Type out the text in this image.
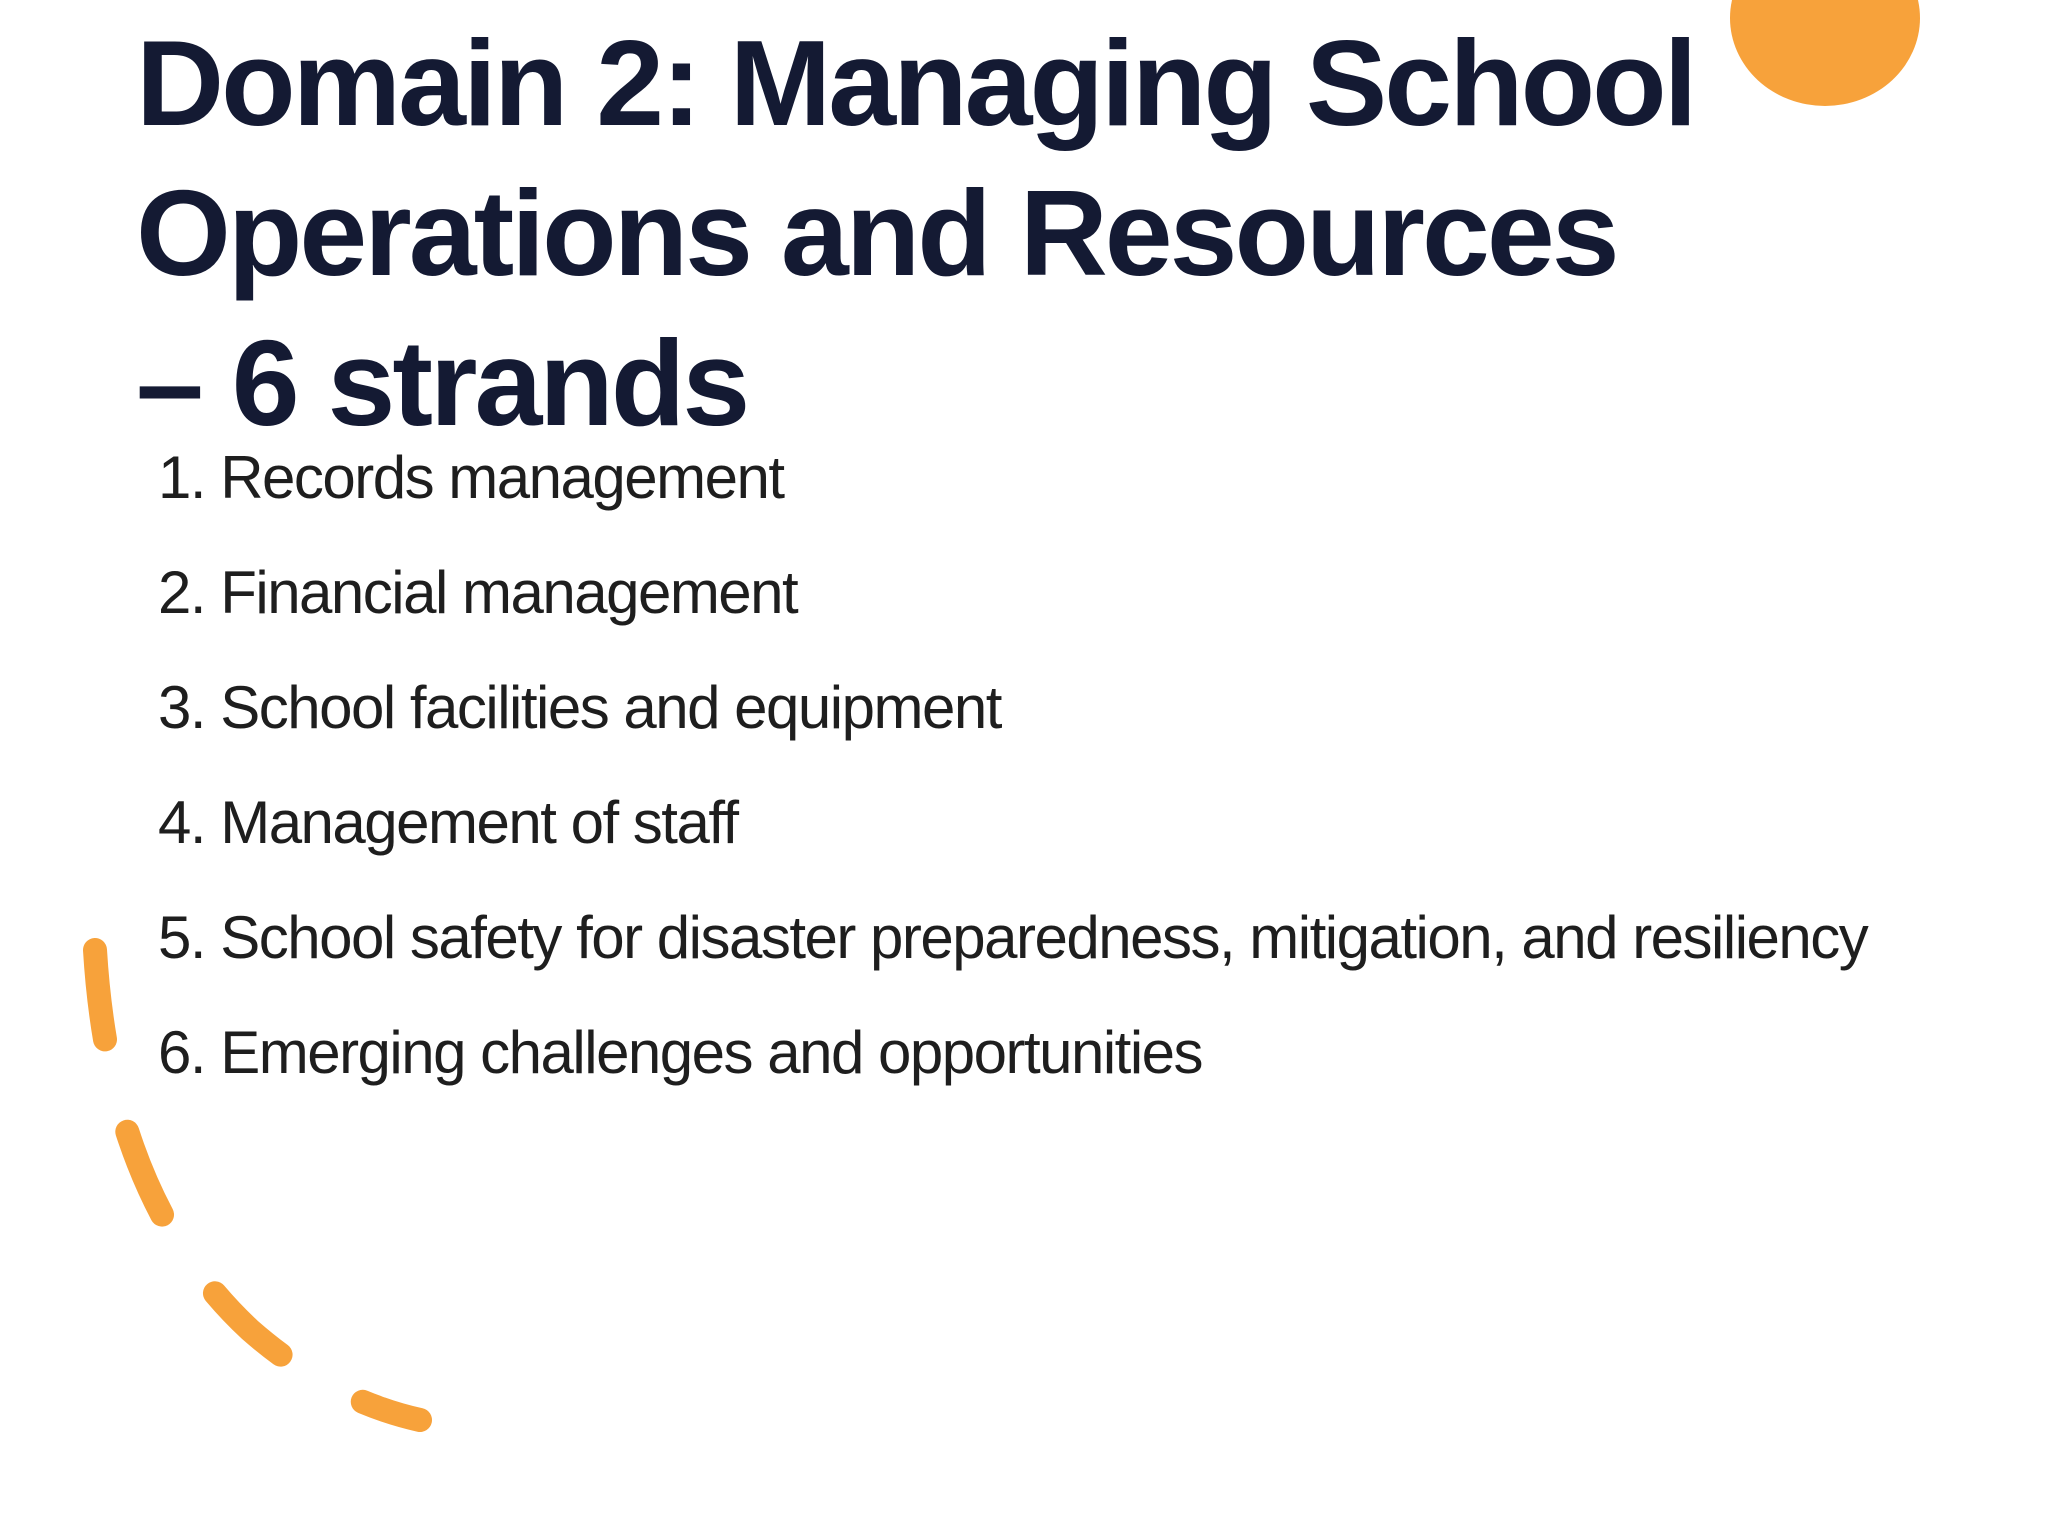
Domain 2: Managing School Operations and Resources – 6 strands
1. Records management
2. Financial management
3. School facilities and equipment
4. Management of staff
5. School safety for disaster preparedness, mitigation, and resiliency
6. Emerging challenges and opportunities
